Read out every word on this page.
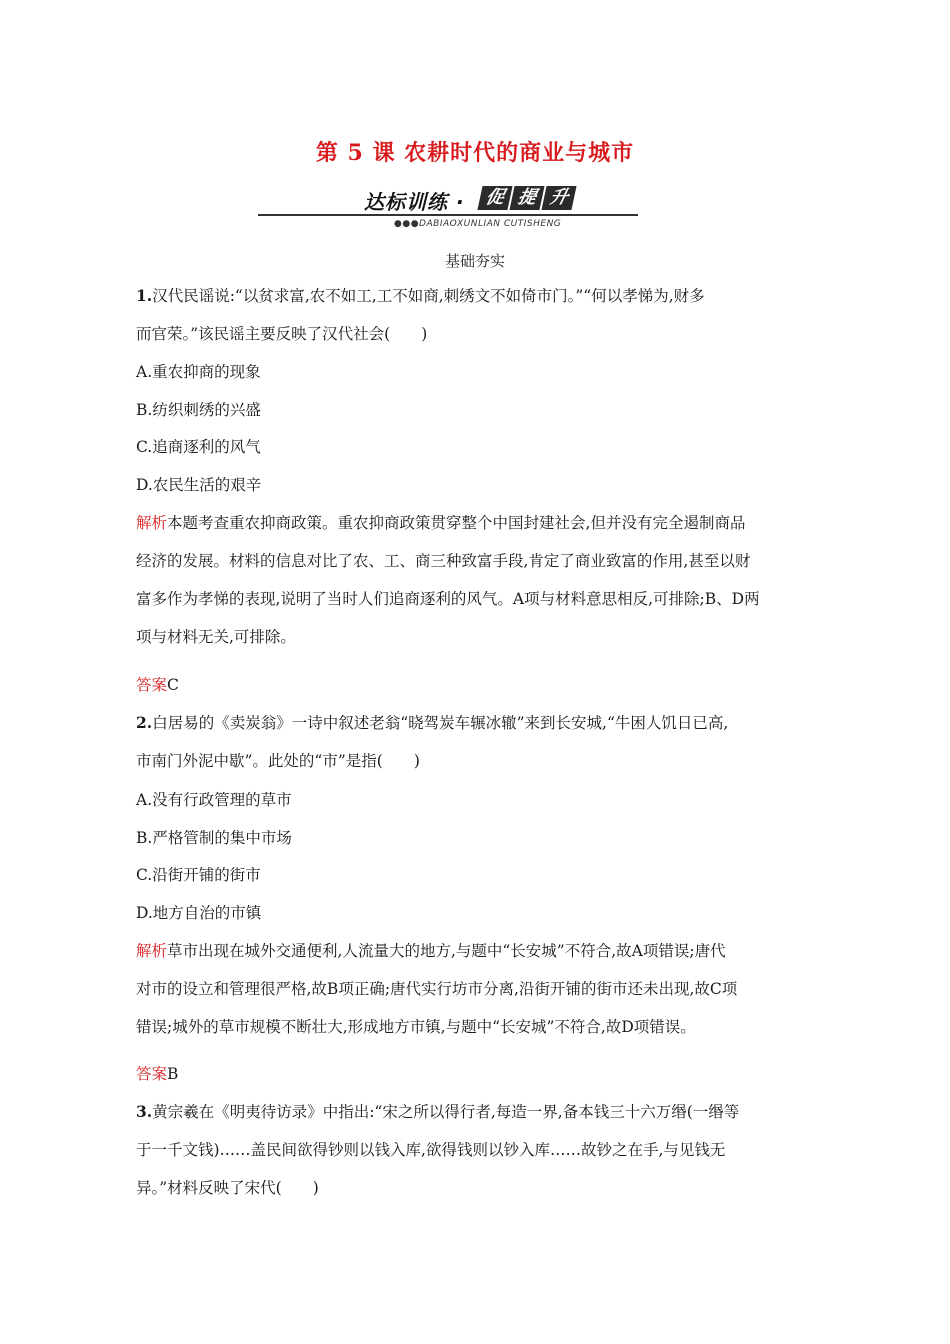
第 5 课 农耕时代的商业与城市
达标训练 ·	促 提 升
●●●DABIAOXUNLIAN CUTISHENG
基础夯实
1.汉代民谣说:“以贫求富,农不如工,工不如商,刺绣文不如倚市门。”“何以孝悌为,财多
而官荣。”该民谣主要反映了汉代社会(　　)
A.重农抑商的现象
B.纺织刺绣的兴盛
C.追商逐利的风气
D.农民生活的艰辛
解析本题考查重农抑商政策。重农抑商政策贯穿整个中国封建社会,但并没有完全遏制商品
经济的发展。材料的信息对比了农、工、商三种致富手段,肯定了商业致富的作用,甚至以财
富多作为孝悌的表现,说明了当时人们追商逐利的风气。A项与材料意思相反,可排除;B、D两
项与材料无关,可排除。
答案C
2.白居易的《卖炭翁》一诗中叙述老翁“晓驾炭车辗冰辙”来到长安城,“牛困人饥日已高,
市南门外泥中歇”。此处的“市”是指(　　)
A.没有行政管理的草市
B.严格管制的集中市场
C.沿街开铺的街市
D.地方自治的市镇
解析草市出现在城外交通便利,人流量大的地方,与题中“长安城”不符合,故A项错误;唐代
对市的设立和管理很严格,故B项正确;唐代实行坊市分离,沿街开铺的街市还未出现,故C项
错误;城外的草市规模不断壮大,形成地方市镇,与题中“长安城”不符合,故D项错误。
答案B
3.黄宗羲在《明夷待访录》中指出:“宋之所以得行者,每造一界,备本钱三十六万缗(一缗等
于一千文钱)……盖民间欲得钞则以钱入库,欲得钱则以钞入库……故钞之在手,与见钱无
异。”材料反映了宋代(　　)
